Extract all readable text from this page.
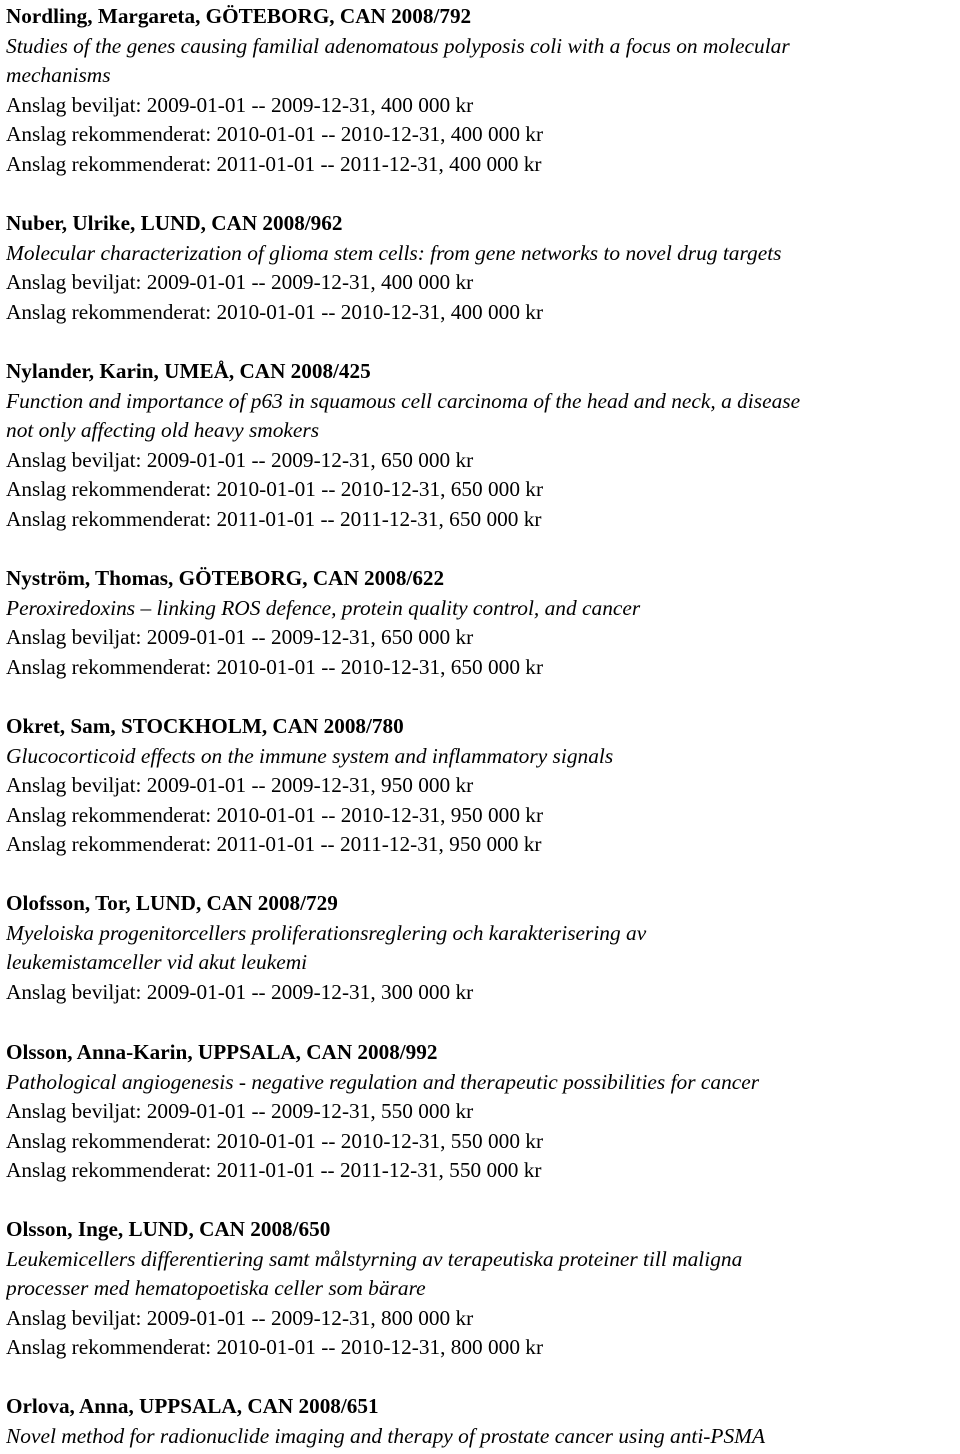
Nordling, Margareta, GÖTEBORG, CAN 2008/792
Studies of the genes causing familial adenomatous polyposis coli with a focus on molecular
mechanisms
Anslag beviljat: 2009-01-01 -- 2009-12-31, 400 000 kr
Anslag rekommenderat: 2010-01-01 -- 2010-12-31, 400 000 kr
Anslag rekommenderat: 2011-01-01 -- 2011-12-31, 400 000 kr
Nuber, Ulrike, LUND, CAN 2008/962
Molecular characterization of glioma stem cells: from gene networks to novel drug targets
Anslag beviljat: 2009-01-01 -- 2009-12-31, 400 000 kr
Anslag rekommenderat: 2010-01-01 -- 2010-12-31, 400 000 kr
Nylander, Karin, UMEÅ, CAN 2008/425
Function and importance of p63 in squamous cell carcinoma of the head and neck, a disease
not only affecting old heavy smokers
Anslag beviljat: 2009-01-01 -- 2009-12-31, 650 000 kr
Anslag rekommenderat: 2010-01-01 -- 2010-12-31, 650 000 kr
Anslag rekommenderat: 2011-01-01 -- 2011-12-31, 650 000 kr
Nyström, Thomas, GÖTEBORG, CAN 2008/622
Peroxiredoxins – linking ROS defence, protein quality control, and cancer
Anslag beviljat: 2009-01-01 -- 2009-12-31, 650 000 kr
Anslag rekommenderat: 2010-01-01 -- 2010-12-31, 650 000 kr
Okret, Sam, STOCKHOLM, CAN 2008/780
Glucocorticoid effects on the immune system and inflammatory signals
Anslag beviljat: 2009-01-01 -- 2009-12-31, 950 000 kr
Anslag rekommenderat: 2010-01-01 -- 2010-12-31, 950 000 kr
Anslag rekommenderat: 2011-01-01 -- 2011-12-31, 950 000 kr
Olofsson, Tor, LUND, CAN 2008/729
Myeloiska progenitorcellers proliferationsreglering och karakterisering av
leukemistamceller vid akut leukemi
Anslag beviljat: 2009-01-01 -- 2009-12-31, 300 000 kr
Olsson, Anna-Karin, UPPSALA, CAN 2008/992
Pathological angiogenesis - negative regulation and therapeutic possibilities for cancer
Anslag beviljat: 2009-01-01 -- 2009-12-31, 550 000 kr
Anslag rekommenderat: 2010-01-01 -- 2010-12-31, 550 000 kr
Anslag rekommenderat: 2011-01-01 -- 2011-12-31, 550 000 kr
Olsson, Inge, LUND, CAN 2008/650
Leukemicellers differentiering samt målstyrning av terapeutiska proteiner till maligna
processer med hematopoetiska celler som bärare
Anslag beviljat: 2009-01-01 -- 2009-12-31, 800 000 kr
Anslag rekommenderat: 2010-01-01 -- 2010-12-31, 800 000 kr
Orlova, Anna, UPPSALA, CAN 2008/651
Novel method for radionuclide imaging and therapy of prostate cancer using anti-PSMA
